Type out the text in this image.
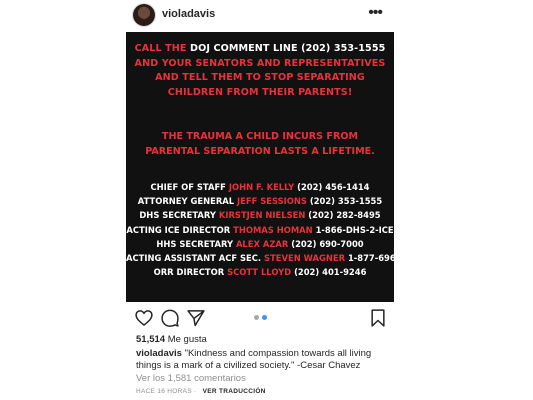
violadavis	•••
CALL THE DOJ COMMENT LINE (202) 353-1555
AND YOUR SENATORS AND REPRESENTATIVES
AND TELL THEM TO STOP SEPARATING
CHILDREN FROM THEIR PARENTS!
THE TRAUMA A CHILD INCURS FROM
PARENTAL SEPARATION LASTS A LIFETIME.
CHIEF OF STAFF JOHN F. KELLY (202) 456-1414
ATTORNEY GENERAL JEFF SESSIONS (202) 353-1555
DHS SECRETARY KIRSTJEN NIELSEN (202) 282-8495
ACTING ICE DIRECTOR THOMAS HOMAN 1-866-DHS-2-ICE
HHS SECRETARY ALEX AZAR (202) 690-7000
ACTING ASSISTANT ACF SEC. STEVEN WAGNER 1-877-696-6775
ORR DIRECTOR SCOTT LLOYD (202) 401-9246
51,514 Me gusta
violadavis "Kindness and compassion towards all living things is a mark of a civilized society." -Cesar Chavez
Ver los 1,581 comentarios
HACE 16 HORAS · VER TRADUCCIÓN
